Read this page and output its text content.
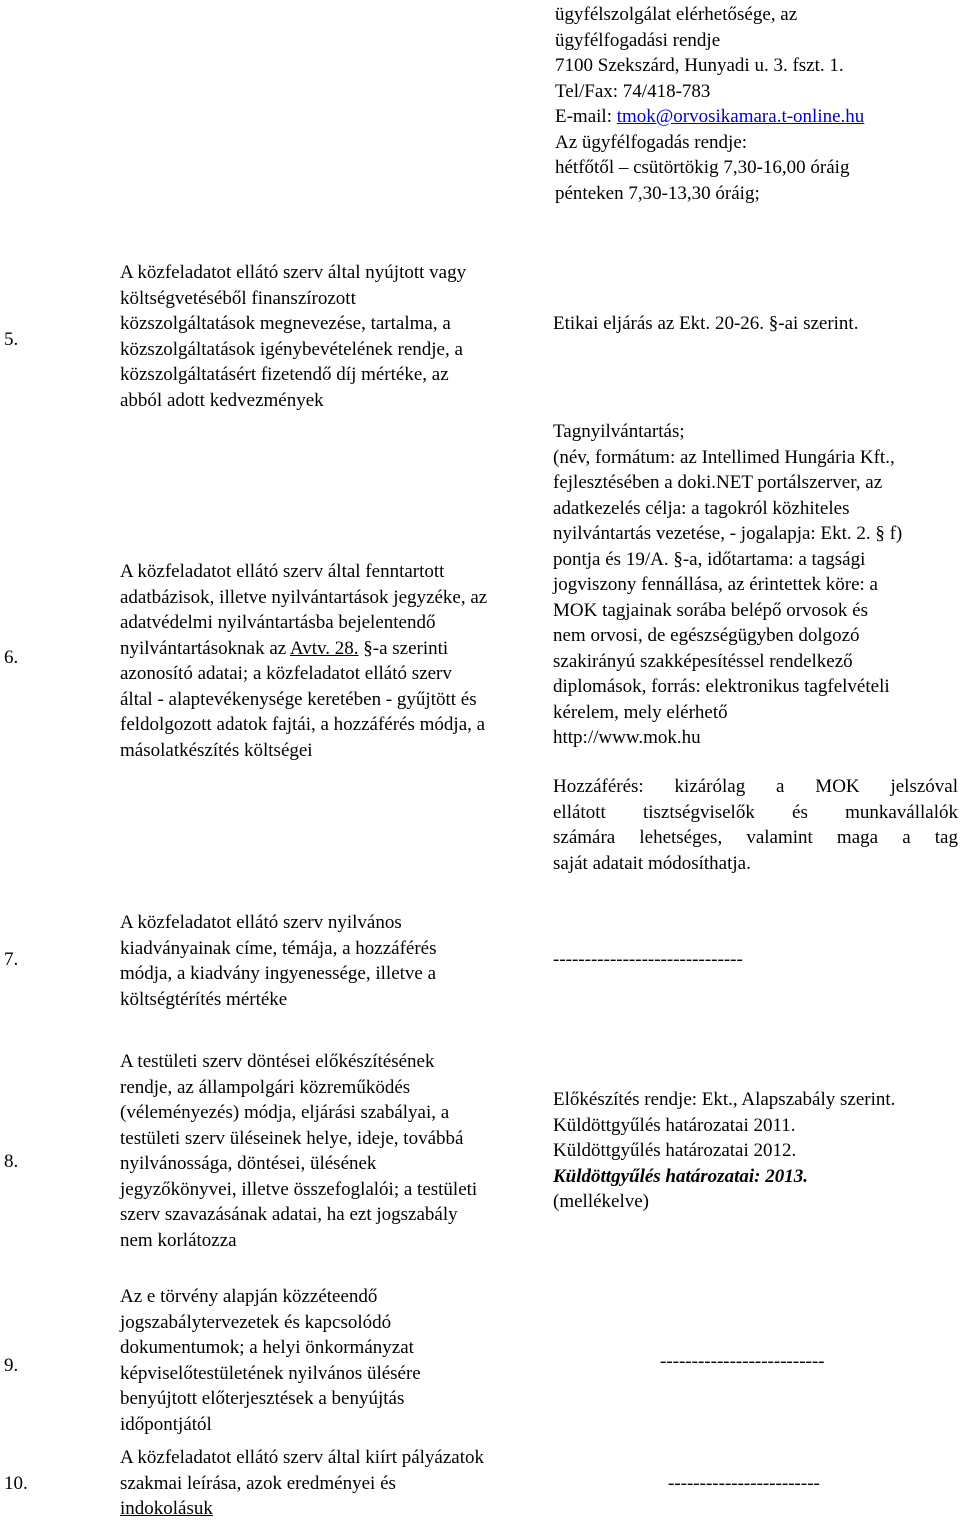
ügyfélszolgálat elérhetősége, az
ügyfélfogadási rendje
7100 Szekszárd, Hunyadi u. 3. fszt. 1.
Tel/Fax: 74/418-783
E-mail: tmok@orvosikamara.t-online.hu
Az ügyfélfogadás rendje:
hétfőtől – csütörtökig 7,30-16,00 óráig
pénteken 7,30-13,30 óráig;
5.
A közfeladatot ellátó szerv által nyújtott vagy
költségvetéséből finanszírozott
közszolgáltatások megnevezése, tartalma, a
közszolgáltatások igénybevételének rendje, a
közszolgáltatásért fizetendő díj mértéke, az
abból adott kedvezmények
Etikai eljárás az Ekt. 20-26. §-ai szerint.
6.
A közfeladatot ellátó szerv által fenntartott
adatbázisok, illetve nyilvántartások jegyzéke, az
adatvédelmi nyilvántartásba bejelentendő
nyilvántartásoknak az Avtv. 28. §-a szerinti
azonosító adatai; a közfeladatot ellátó szerv
által - alaptevékenysége keretében - gyűjtött és
feldolgozott adatok fajtái, a hozzáférés módja, a
másolatkészítés költségei
Tagnyilvántartás;
(név, formátum: az Intellimed Hungária Kft.,
fejlesztésében a doki.NET portálszerver, az
adatkezelés célja: a tagokról közhiteles
nyilvántartás vezetése, - jogalapja: Ekt. 2. § f)
pontja és 19/A. §-a, időtartama: a tagsági
jogviszony fennállása, az érintettek köre: a
MOK tagjainak sorába belépő orvosok és
nem orvosi, de egészségügyben dolgozó
szakirányú szakképesítéssel rendelkező
diplomások, forrás: elektronikus tagfelvételi
kérelem, mely elérhető
http://www.mok.hu
Hozzáférés: kizárólag a MOK jelszóval
ellátott tisztségviselők és munkavállalók
számára lehetséges, valamint maga a tag
saját adatait módosíthatja.
7.
A közfeladatot ellátó szerv nyilvános
kiadványainak címe, témája, a hozzáférés
módja, a kiadvány ingyenessége, illetve a
költségtérítés mértéke
------------------------------
8.
A testületi szerv döntései előkészítésének
rendje, az állampolgári közreműködés
(véleményezés) módja, eljárási szabályai, a
testületi szerv üléseinek helye, ideje, továbbá
nyilvánossága, döntései, ülésének
jegyzőkönyvei, illetve összefoglalói; a testületi
szerv szavazásának adatai, ha ezt jogszabály
nem korlátozza
Előkészítés rendje: Ekt., Alapszabály szerint.
Küldöttgyűlés határozatai 2011.
Küldöttgyűlés határozatai 2012.
Küldöttgyűlés határozatai: 2013.
(mellékelve)
9.
Az e törvény alapján közzéteendő
jogszabálytervezetek és kapcsolódó
dokumentumok; a helyi önkormányzat
képviselőtestületének nyilvános ülésére
benyújtott előterjesztések a benyújtás
időpontjától
--------------------------
10.
A közfeladatot ellátó szerv által kiírt pályázatok
szakmai leírása, azok eredményei és
indokolásuk
------------------------
